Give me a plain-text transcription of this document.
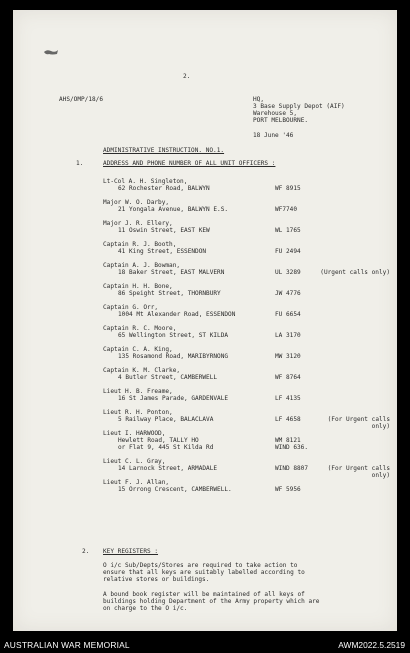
2.
AHS/OMP/18/6	HQ,
3 Base Supply Depot (AIF)
Warehouse 5,
PORT MELBOURNE.
18 June '46
ADMINISTRATIVE INSTRUCTION. NO.1.
1.	ADDRESS AND PHONE NUMBER OF ALL UNIT OFFICERS :
Lt-Col A. H. Singleton,
62 Rochester Road, BALWYN	WF 8915
Major W. O. Darby,
21 Yongala Avenue, BALWYN E.S.	WF7740
Major J. R. Ellery,
11 Oswin Street, EAST KEW	WL 1765
Captain R. J. Booth,
41 King Street, ESSENDON	FU 2494
Captain A. J. Bowman,
18 Baker Street, EAST MALVERN	UL 3289	(Urgent calls only)
Captain H. H. Bone,
86 Speight Street, THORNBURY	JW 4776
Captain G. Orr,
1004 Mt Alexander Road, ESSENDON	FU 6654
Captain R. C. Moore,
65 Wellington Street, ST KILDA	LA 3170
Captain C. A. King,
135 Rosamond Road, MARIBYRNONG	MW 3120
Captain K. M. Clarke,
4 Butler Street, CAMBERWELL	WF 8764
Lieut H. B. Freame,
16 St James Parade, GARDENVALE	LF 4135
Lieut R. H. Ponton,
5 Railway Place, BALACLAVA	LF 4658	(For Urgent calls only)
Lieut I. HARWOOD,
Hewlett Road, TALLY HO	WM 8121
or Flat 9, 445 St Kilda Rd	WIND 636.
Lieut C. L. Gray,
14 Larnock Street, ARMADALE	WIND 8807	(For Urgent calls only)
Lieut F. J. Allan,
15 Orrong Crescent, CAMBERWELL.	WF 5956
2. KEY REGISTERS :
O i/c Sub/Depts/Stores are required to take action to
ensure that all keys are suitably labelled according to
relative stores or buildings.
A bound book register will be maintained of all keys of
buildings holding Department of the Army property which are
on charge to the O i/c.
AUSTRALIAN WAR MEMORIAL	AWM2022.5.2519
